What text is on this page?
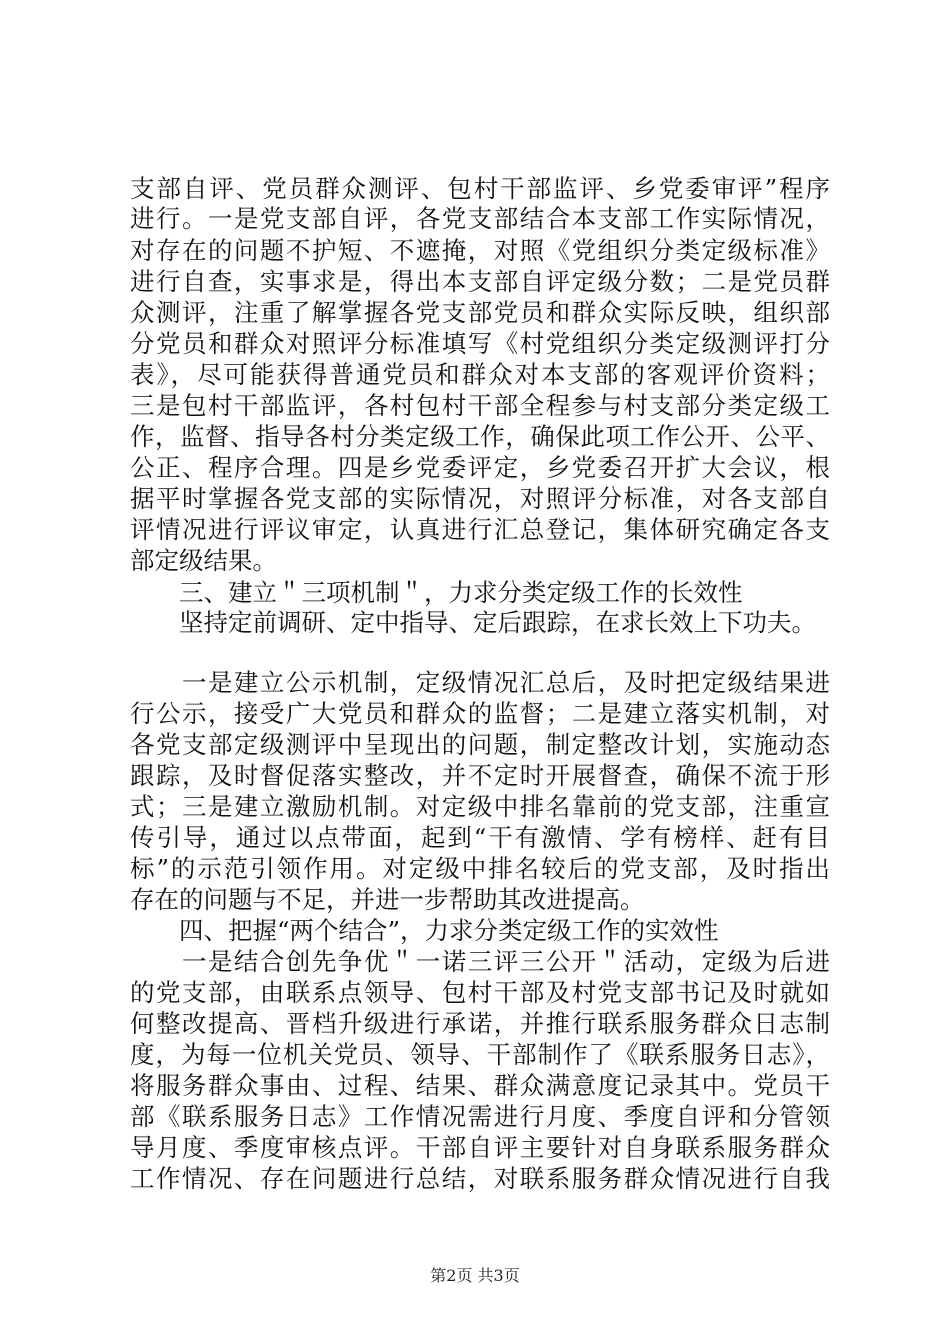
支部自评、党员群众测评、包村干部监评、乡党委审评”程序
进行。一是党支部自评，各党支部结合本支部工作实际情况，
对存在的问题不护短、不遮掩，对照《党组织分类定级标准》
进行自查，实事求是，得出本支部自评定级分数；二是党员群
众测评，注重了解掌握各党支部党员和群众实际反映，组织部
分党员和群众对照评分标准填写《村党组织分类定级测评打分
表》，尽可能获得普通党员和群众对本支部的客观评价资料；
三是包村干部监评，各村包村干部全程参与村支部分类定级工
作，监督、指导各村分类定级工作，确保此项工作公开、公平、
公正、程序合理。四是乡党委评定，乡党委召开扩大会议，根
据平时掌握各党支部的实际情况，对照评分标准，对各支部自
评情况进行评议审定，认真进行汇总登记，集体研究确定各支
部定级结果。
　　三、建立＂三项机制＂，力求分类定级工作的长效性
　　坚持定前调研、定中指导、定后跟踪，在求长效上下功夫。
　　一是建立公示机制，定级情况汇总后，及时把定级结果进
行公示，接受广大党员和群众的监督；二是建立落实机制，对
各党支部定级测评中呈现出的问题，制定整改计划，实施动态
跟踪，及时督促落实整改，并不定时开展督查，确保不流于形
式；三是建立激励机制。对定级中排名靠前的党支部，注重宣
传引导，通过以点带面，起到“干有激情、学有榜样、赶有目
标”的示范引领作用。对定级中排名较后的党支部，及时指出
存在的问题与不足，并进一步帮助其改进提高。
　　四、把握“两个结合”，力求分类定级工作的实效性
　　一是结合创先争优＂一诺三评三公开＂活动，定级为后进
的党支部，由联系点领导、包村干部及村党支部书记及时就如
何整改提高、晋档升级进行承诺，并推行联系服务群众日志制
度，为每一位机关党员、领导、干部制作了《联系服务日志》，
将服务群众事由、过程、结果、群众满意度记录其中。党员干
部《联系服务日志》工作情况需进行月度、季度自评和分管领
导月度、季度审核点评。干部自评主要针对自身联系服务群众
工作情况、存在问题进行总结，对联系服务群众情况进行自我
第2页 共3页
